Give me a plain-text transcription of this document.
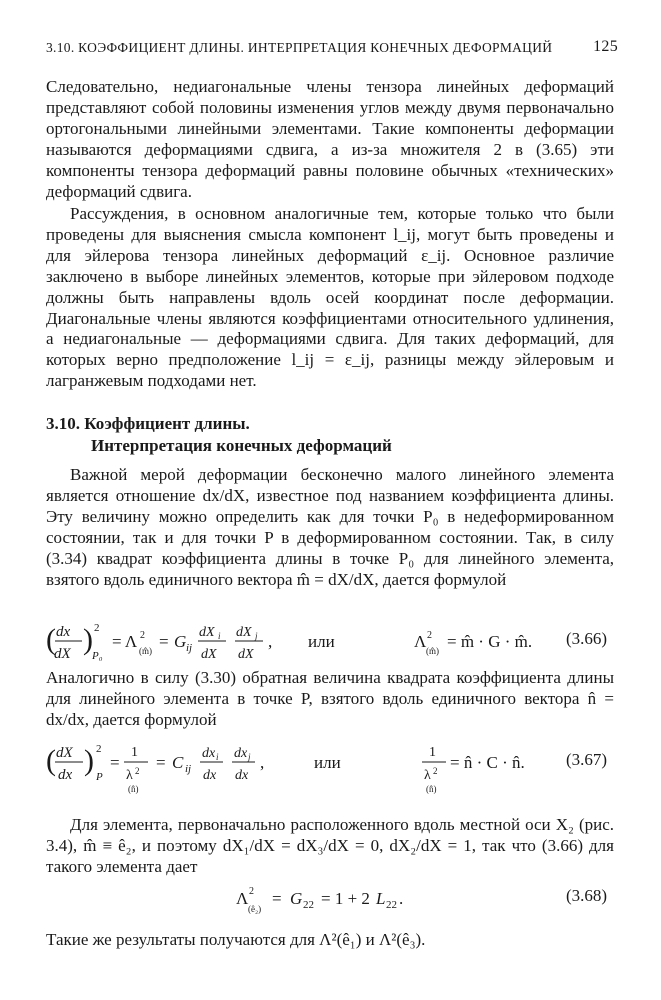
3.10. КОЭФФИЦИЕНТ ДЛИНЫ. ИНТЕРПРЕТАЦИЯ КОНЕЧНЫХ ДЕФОРМАЦИЙ	125
Следовательно, недиагональные члены тензора линейных деформаций представляют собой половины изменения углов между двумя первоначально ортогональными линейными элементами. Такие компоненты деформации называются деформациями сдвига, а из-за множителя 2 в (3.65) эти компоненты тензора деформаций равны половине обычных «технических» деформаций сдвига.
Рассуждения, в основном аналогичные тем, которые только что были проведены для выяснения смысла компонент l_ij, могут быть проведены и для эйлерова тензора линейных деформаций ε_ij. Основное различие заключено в выборе линейных элементов, которые при эйлеровом подходе должны быть направлены вдоль осей координат после деформации. Диагональные члены являются коэффициентами относительного удлинения, а недиагональные — деформациями сдвига. Для таких деформаций, для которых верно предположение l_ij = ε_ij, разницы между эйлеровым и лагранжевым подходами нет.
3.10. Коэффициент длины.
Интерпретация конечных деформаций
Важной мерой деформации бесконечно малого линейного элемента является отношение dx/dX, известное под названием коэффициента длины. Эту величину можно определить как для точки P₀ в недеформированном состоянии, так и для точки P в деформированном состоянии. Так, в силу (3.34) квадрат коэффициента длины в точке P₀ для линейного элемента, взятого вдоль единичного вектора m̂ = dX/dX, дается формулой
( dx
dX ) 2
P₀
= Λ 2
(m̂) = G ij
dX i
dX
dX j
dX
, или	Λ 2
(m̂) = m̂ · G · m̂. (3.66)
Аналогично в силу (3.30) обратная величина квадрата коэффициента длины для линейного элемента в точке P, взятого вдоль единичного вектора n̂ = dx/dx, дается формулой
( dX
dx ) 2
P
=
1
λ 2
(n̂)
= C ij
dx i
dx
dx j
dx
,	или
1
λ 2
(n̂)
= n̂ · C · n̂. (3.67)
Для элемента, первоначально расположенного вдоль местной оси X₂ (рис. 3.4), m̂ ≡ ê₂, и поэтому dX₁/dX = dX₃/dX = 0, dX₂/dX = 1, так что (3.66) для такого элемента дает
Λ 2
(ê₂)
= G 22 = 1 + 2 L 22 .	(3.68)
Такие же результаты получаются для Λ²(ê₁) и Λ²(ê₃).
